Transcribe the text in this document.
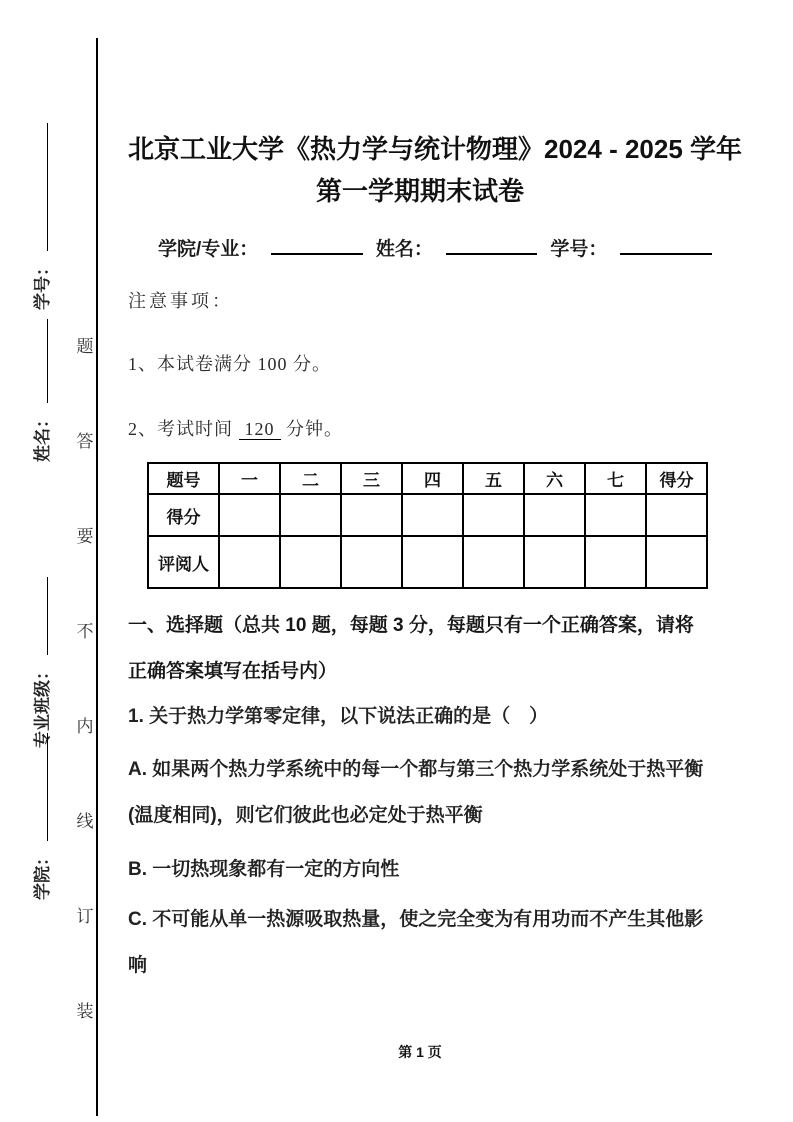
学号：
姓名：
专业班级：
学院：
题
答
要
不
内
线
订
装
北京工业大学《热力学与统计物理》2024 - 2025 学年
第一学期期末试卷
学院/专业：	姓名：	学号：
注意事项：
1、本试卷满分 100 分。
2、考试时间 120 分钟。
题号	一	二	三	四	五	六	七	得分
得分								
评阅人								
一、选择题（总共 10 题，每题 3 分，每题只有一个正确答案，请将
正确答案填写在括号内）
1. 关于热力学第零定律，以下说法正确的是（　）
A. 如果两个热力学系统中的每一个都与第三个热力学系统处于热平衡
(温度相同)，则它们彼此也必定处于热平衡
B. 一切热现象都有一定的方向性
C. 不可能从单一热源吸取热量，使之完全变为有用功而不产生其他影
响
第 1 页
